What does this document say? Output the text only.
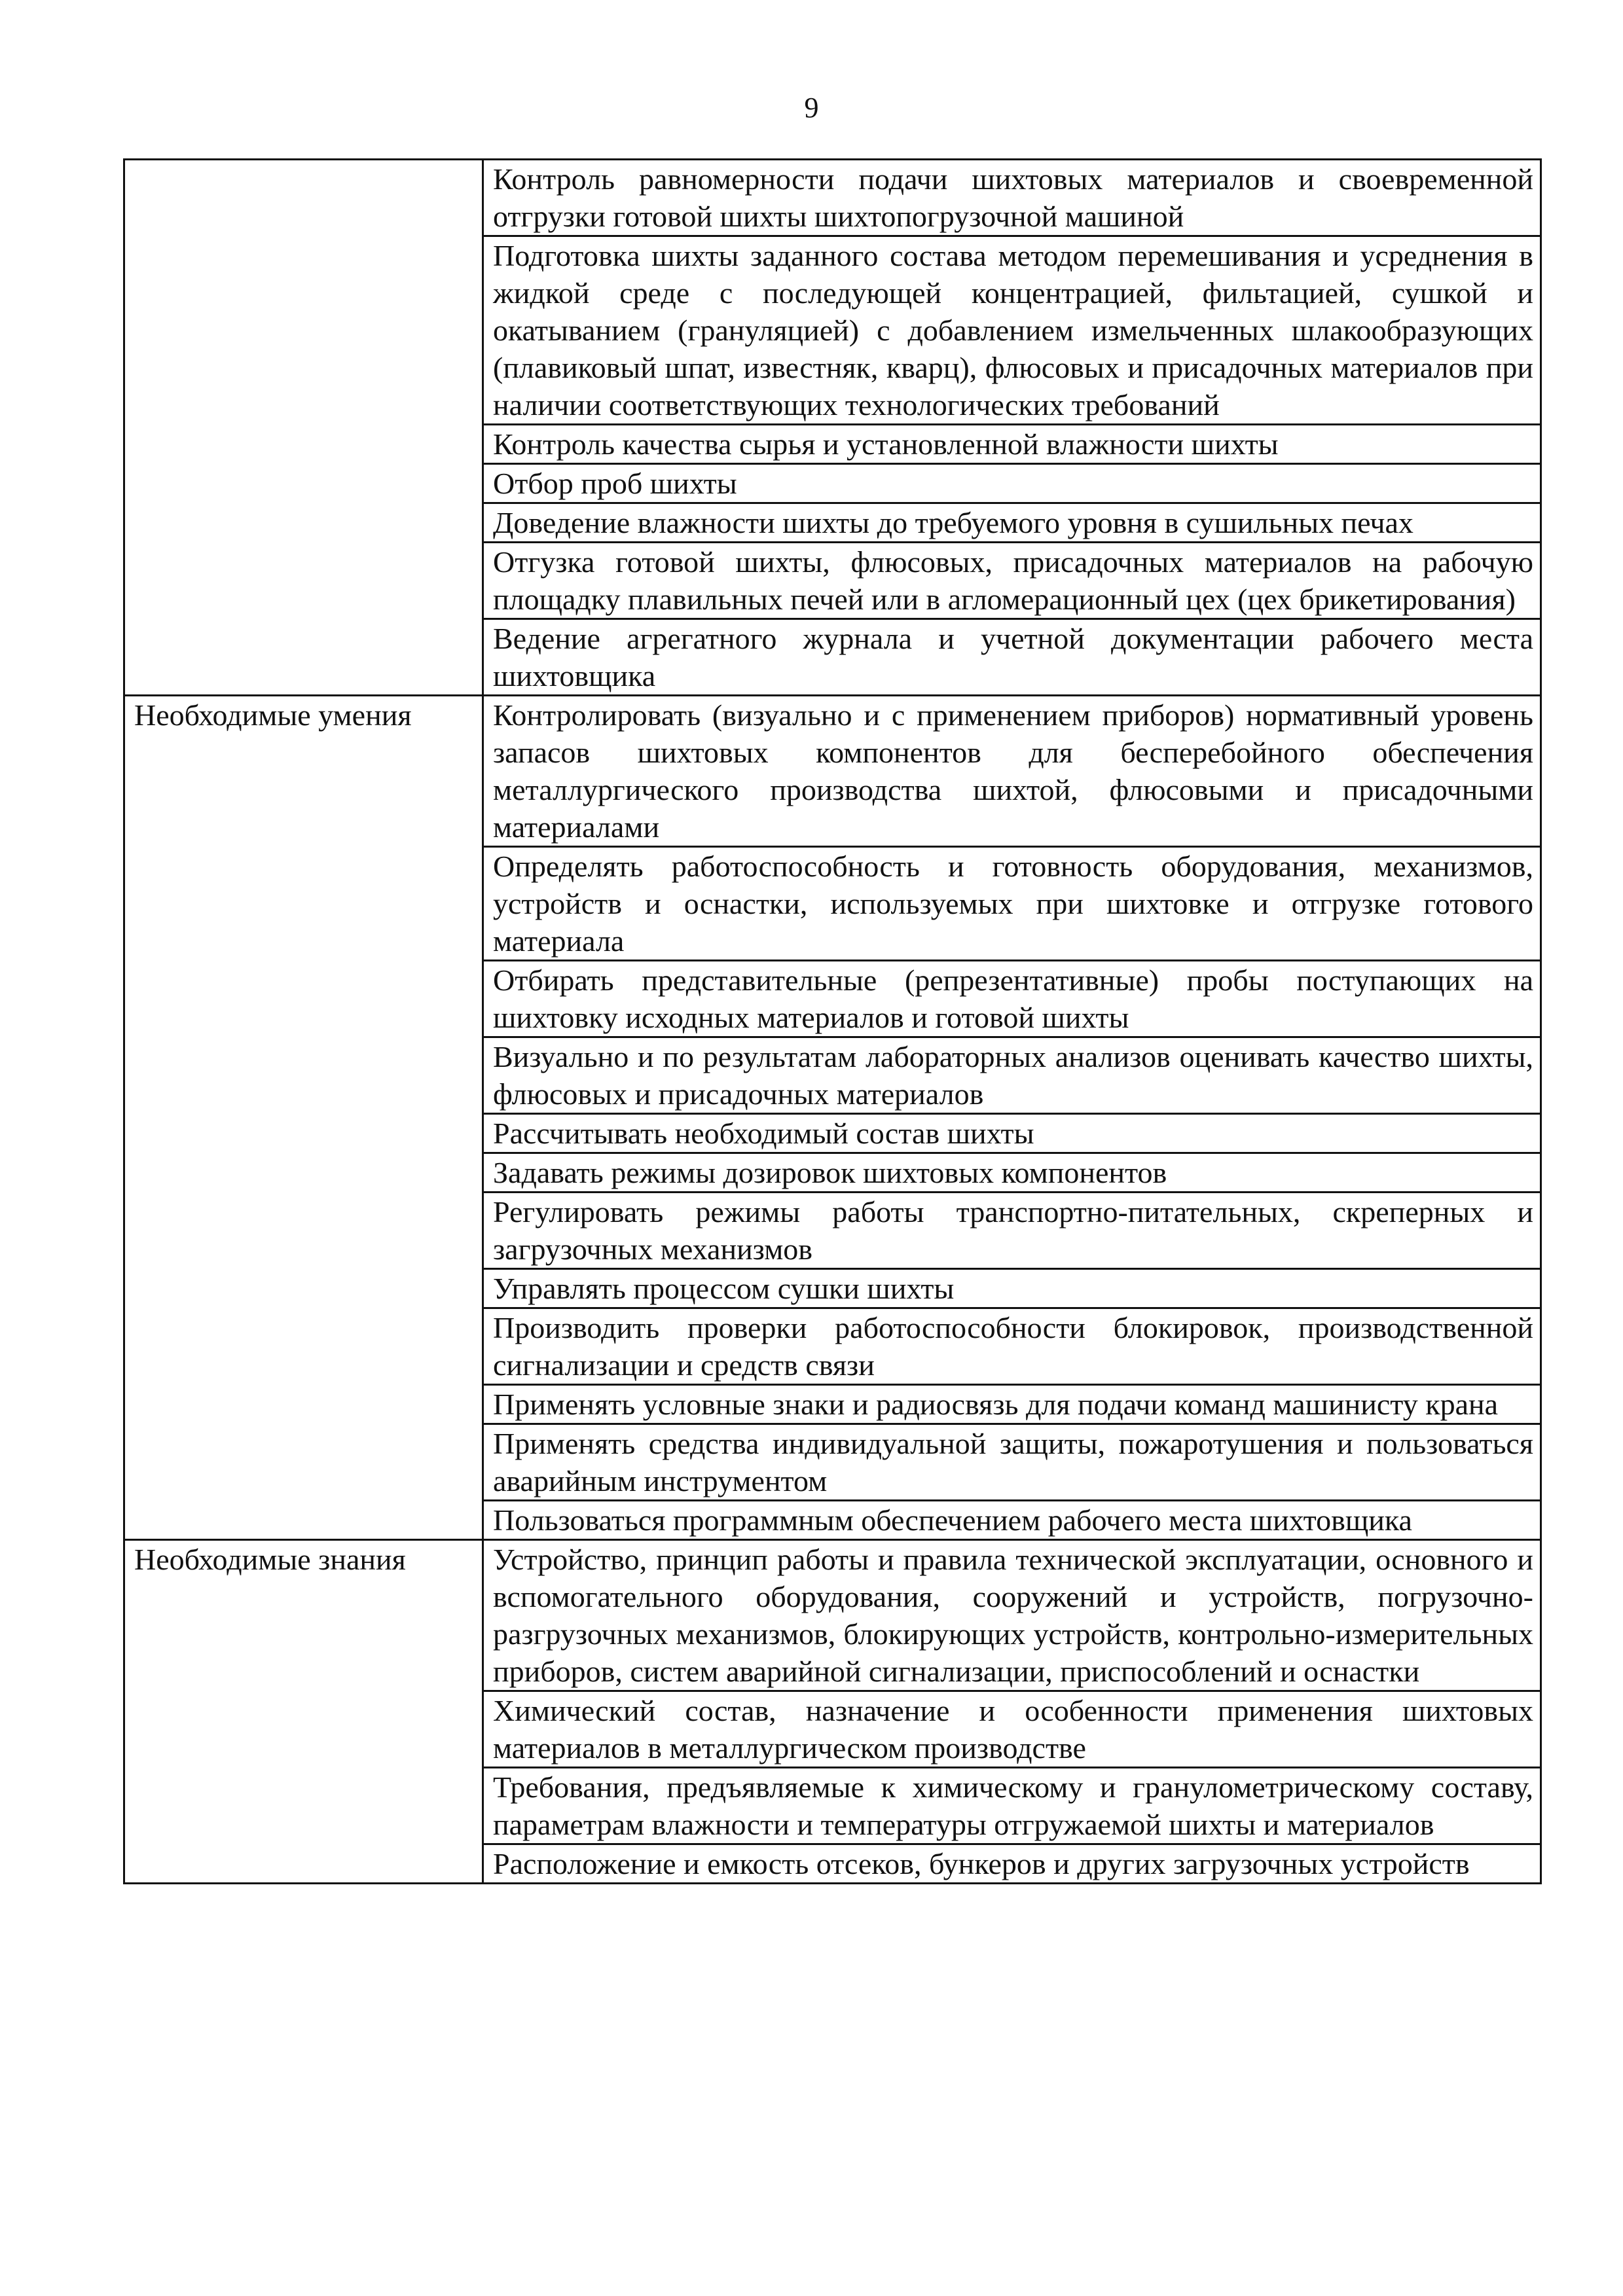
9
	Контроль равномерности подачи шихтовых материалов и своевременной отгрузки готовой шихты шихтопогрузочной машиной
	Подготовка шихты заданного состава методом перемешивания и усреднения в жидкой среде с последующей концентрацией, фильтацией, сушкой и окатыванием (грануляцией) с добавлением измельченных шлакообразующих (плавиковый шпат, известняк, кварц), флюсовых и присадочных материалов при наличии соответствующих технологических требований
	Контроль качества сырья и установленной влажности шихты
	Отбор проб шихты
	Доведение влажности шихты до требуемого уровня в сушильных печах
	Отгузка готовой шихты, флюсовых, присадочных материалов на рабочую площадку плавильных печей или в агломерационный цех (цех брикетирования)
	Ведение агрегатного журнала и учетной документации рабочего места шихтовщика
Необходимые умения	Контролировать (визуально и с применением приборов) нормативный уровень запасов шихтовых компонентов для бесперебойного обеспечения металлургического производства шихтой, флюсовыми и присадочными материалами
	Определять работоспособность и готовность оборудования, механизмов, устройств и оснастки, используемых при шихтовке и отгрузке готового материала
	Отбирать представительные (репрезентативные) пробы поступающих на шихтовку исходных материалов и готовой шихты
	Визуально и по результатам лабораторных анализов оценивать качество шихты, флюсовых и присадочных материалов
	Рассчитывать необходимый состав шихты
	Задавать режимы дозировок шихтовых компонентов
	Регулировать режимы работы транспортно-питательных, скреперных и загрузочных механизмов
	Управлять процессом сушки шихты
	Производить проверки работоспособности блокировок, производственной сигнализации и средств связи
	Применять условные знаки и радиосвязь для подачи команд машинисту крана
	Применять средства индивидуальной защиты, пожаротушения и пользоваться аварийным инструментом
	Пользоваться программным обеспечением рабочего места шихтовщика
Необходимые знания	Устройство, принцип работы и правила технической эксплуатации, основного и вспомогательного оборудования, сооружений и устройств, погрузочно-разгрузочных механизмов, блокирующих устройств, контрольно-измерительных приборов, систем аварийной сигнализации, приспособлений и оснастки
	Химический состав, назначение и особенности применения шихтовых материалов в металлургическом производстве
	Требования, предъявляемые к химическому и гранулометрическому составу, параметрам влажности и температуры отгружаемой шихты и материалов
	Расположение и емкость отсеков, бункеров и других загрузочных устройств
